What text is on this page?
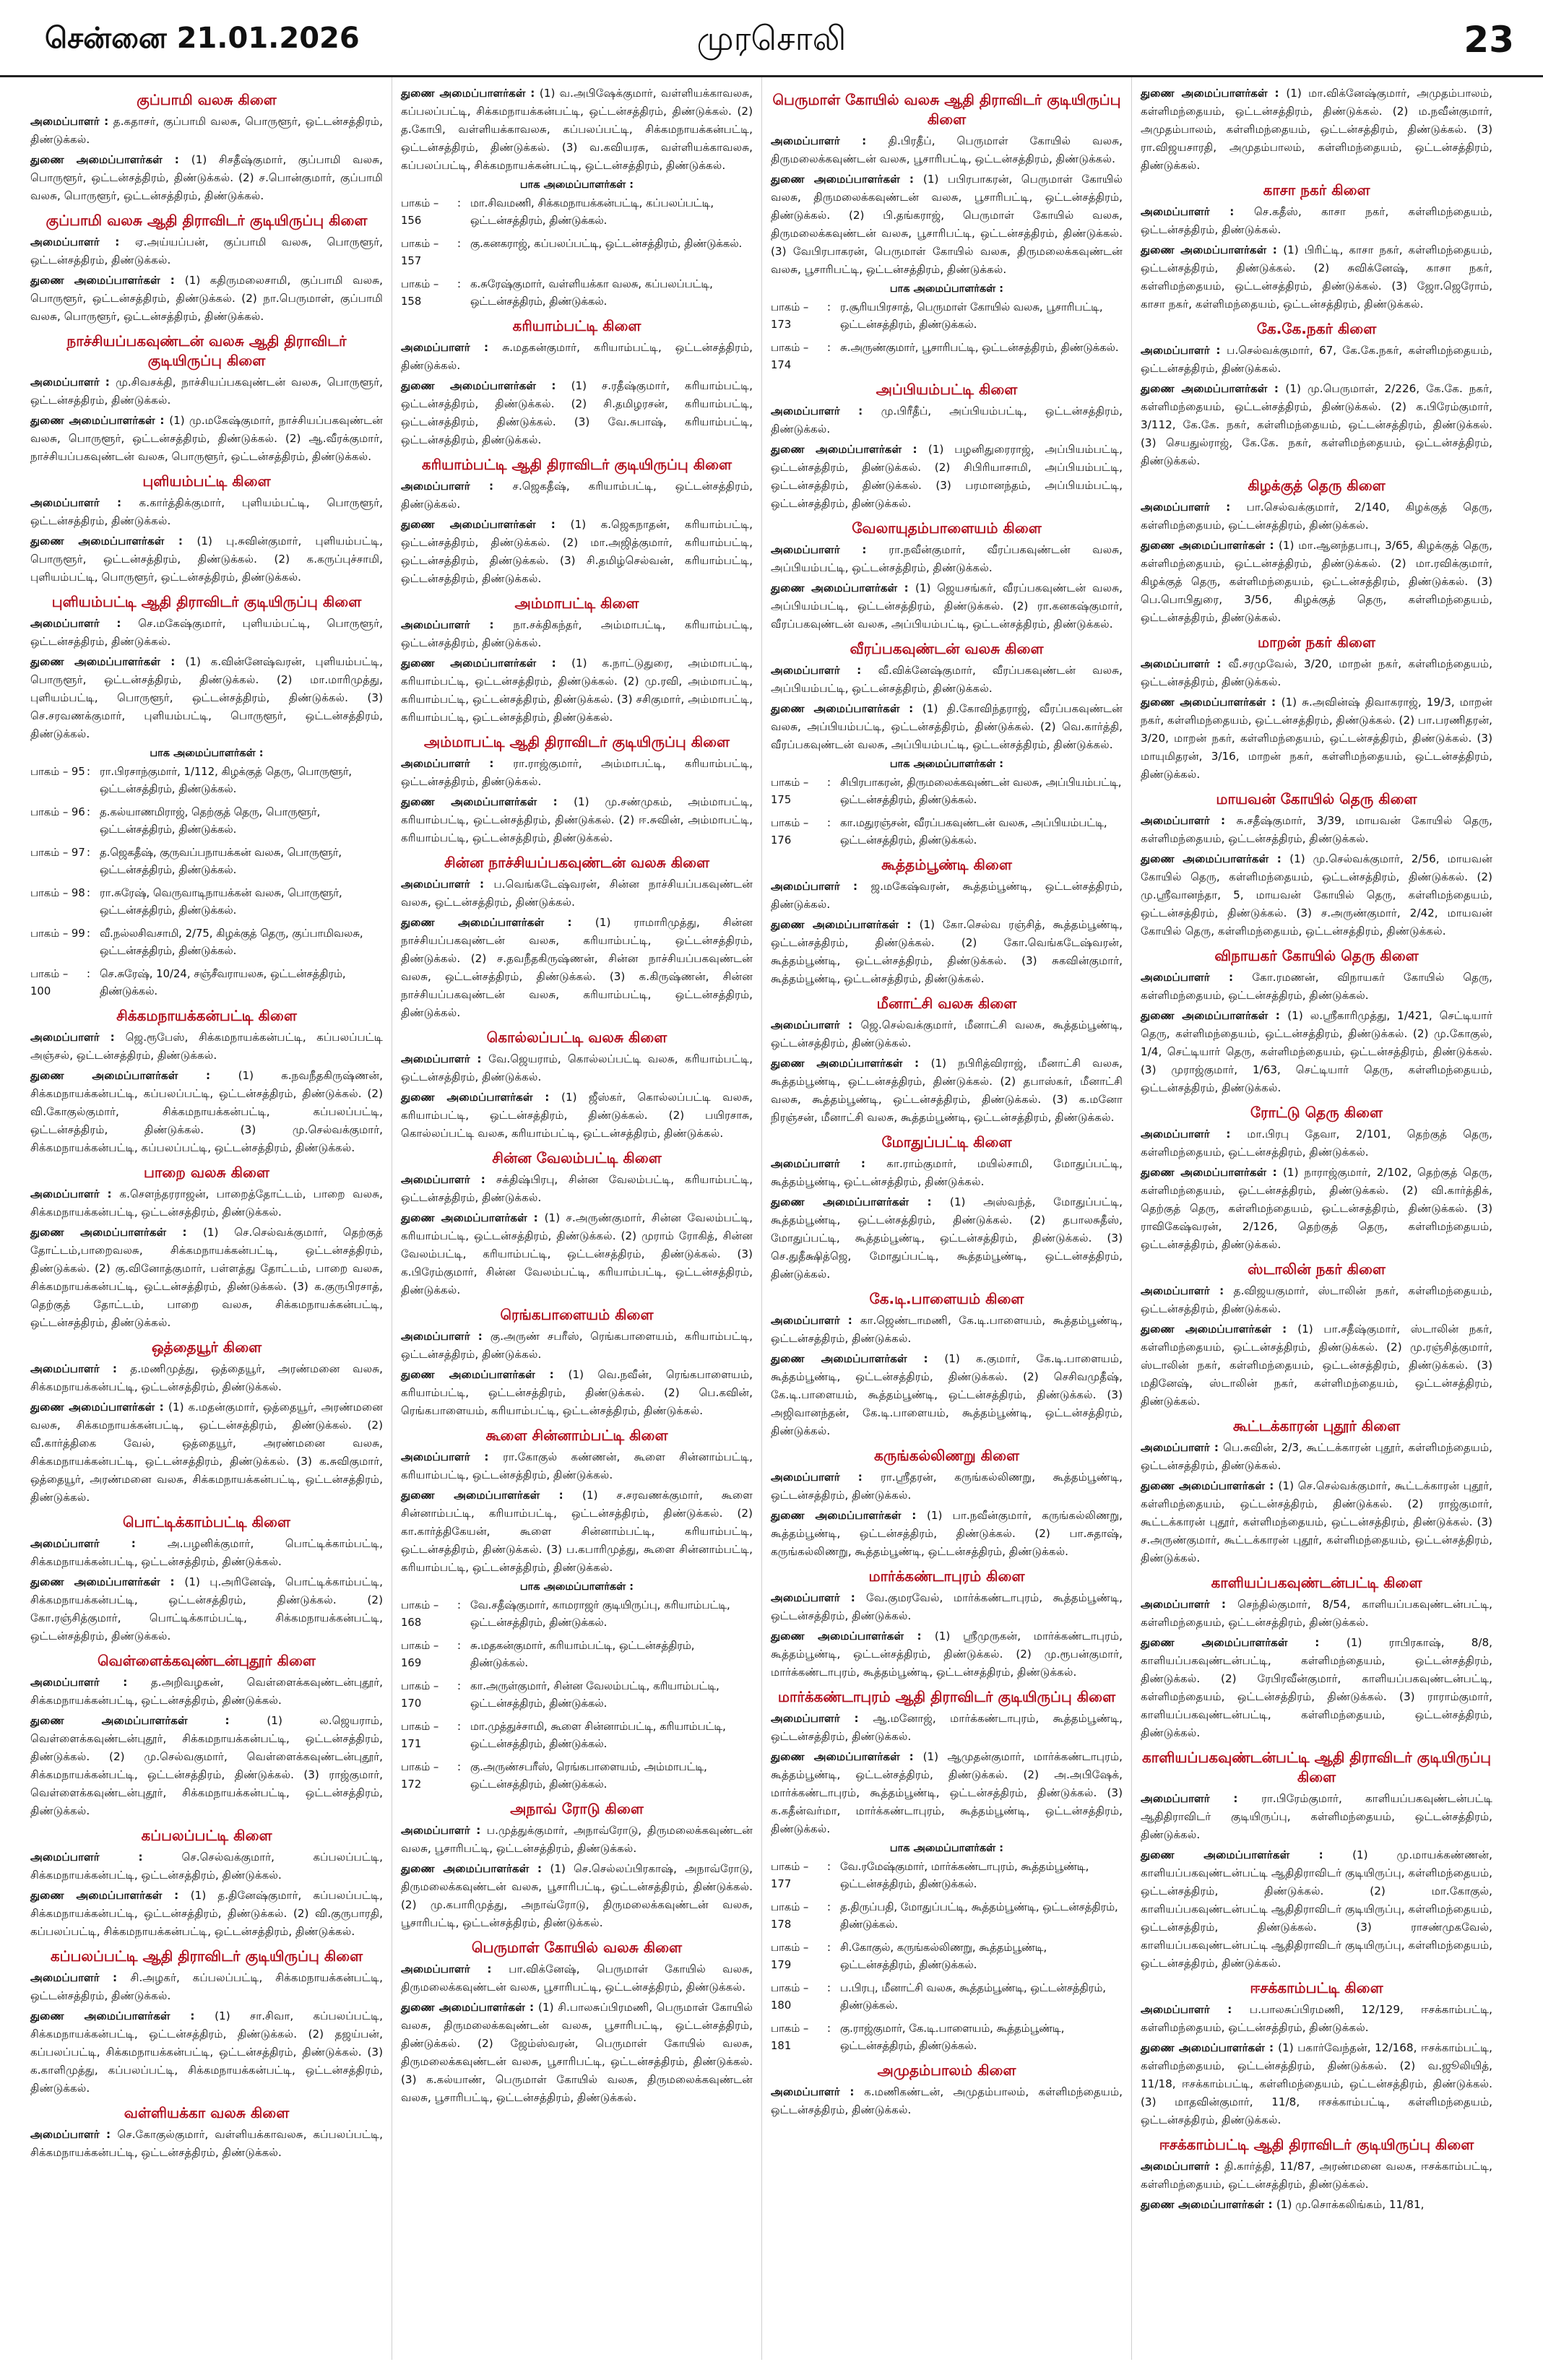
சென்னை 21.01.2026	முரசொலி	23
குப்பாமி வலசு கிளை
அமைப்பாளர் : த.கதாசர், குப்பாமி வலசு, பொருளூர், ஒட்டன்சத்திரம், திண்டுக்கல்.
துணை அமைப்பாளர்கள் : (1) சிசதீஷ்குமார், குப்பாமி வலசு, பொருளூர், ஒட்டன்சத்திரம், திண்டுக்கல். (2) ச.பொன்குமார், குப்பாமி வலசு, பொருளூர், ஒட்டன்சத்திரம், திண்டுக்கல்.
குப்பாமி வலசு ஆதி திராவிடர் குடியிருப்பு கிளை
அமைப்பாளர் : ஏ.அய்யப்பன், குப்பாமி வலசு, பொருளூர், ஒட்டன்சத்திரம், திண்டுக்கல்.
துணை அமைப்பாளர்கள் : (1) கதிருமலைசாமி, குப்பாமி வலசு, பொருளூர், ஒட்டன்சத்திரம், திண்டுக்கல். (2) நா.பெருமாள், குப்பாமி வலசு, பொருளூர், ஒட்டன்சத்திரம், திண்டுக்கல்.
நாச்சியப்பகவுண்டன் வலசு ஆதி திராவிடர் குடியிருப்பு கிளை
அமைப்பாளர் : மு.சிவசக்தி, நாச்சியப்பகவுண்டன் வலசு, பொருளூர், ஒட்டன்சத்திரம், திண்டுக்கல்.
துணை அமைப்பாளர்கள் : (1) மு.மகேஷ்குமார், நாச்சியப்பகவுண்டன் வலசு, பொருளூர், ஒட்டன்சத்திரம், திண்டுக்கல். (2) ஆ.வீரக்குமார், நாச்சியப்பகவுண்டன் வலசு, பொருளூர், ஒட்டன்சத்திரம், திண்டுக்கல்.
புளியம்பட்டி கிளை
அமைப்பாளர் : க.கார்த்திக்குமார், புளியம்பட்டி, பொருளூர், ஒட்டன்சத்திரம், திண்டுக்கல்.
துணை அமைப்பாளர்கள் : (1) பு.சுவின்குமார், புளியம்பட்டி, பொருளூர், ஒட்டன்சத்திரம், திண்டுக்கல். (2) க.கருப்புச்சாமி, புளியம்பட்டி, பொருளூர், ஒட்டன்சத்திரம், திண்டுக்கல்.
புளியம்பட்டி ஆதி திராவிடர் குடியிருப்பு கிளை
அமைப்பாளர் : செ.மகேஷ்குமார், புளியம்பட்டி, பொருளூர், ஒட்டன்சத்திரம், திண்டுக்கல்.
துணை அமைப்பாளர்கள் : (1) க.வின்னேஷ்வரன், புளியம்பட்டி, பொருளூர், ஒட்டன்சத்திரம், திண்டுக்கல். (2) மா.மாரிமுத்து, புளியம்பட்டி, பொருளூர், ஒட்டன்சத்திரம், திண்டுக்கல். (3) செ.சரவணக்குமார், புளியம்பட்டி, பொருளூர், ஒட்டன்சத்திரம், திண்டுக்கல்.
பாக அமைப்பாளர்கள் :
பாகம் – 95 : ரா.பிரசாந்குமார், 1/112, கிழக்குத் தெரு, பொருளூர், ஒட்டன்சத்திரம், திண்டுக்கல்.
பாகம் – 96 : த.கல்யாணமிராஜ், தெற்குத் தெரு, பொருளூர், ஒட்டன்சத்திரம், திண்டுக்கல்.
பாகம் – 97 : த.ஜெகதீஷ், குருவப்பநாயக்கன் வலசு, பொருளூர், ஒட்டன்சத்திரம், திண்டுக்கல்.
பாகம் – 98 : ரா.சுரேஷ், வெருவாடிநாயக்கன் வலசு, பொருளூர், ஒட்டன்சத்திரம், திண்டுக்கல்.
பாகம் – 99 : வீ.நல்லசிவசாமி, 2/75, கிழக்குத் தெரு, குப்பாமிவலசு, ஒட்டன்சத்திரம், திண்டுக்கல்.
பாகம் – 100
: செ.சுரேஷ், 10/24, சஞ்சீவராயலசு, ஒட்டன்சத்திரம், திண்டுக்கல்.
சிக்கமநாயக்கன்பட்டி கிளை
அமைப்பாளர் : ஜெ.ரூபேஸ், சிக்கமநாயக்கன்பட்டி, கப்பலப்பட்டி அஞ்சல், ஒட்டன்சத்திரம், திண்டுக்கல்.
துணை அமைப்பாளர்கள் : (1) க.நவநீதகிருஷ்ணன், சிக்கமநாயக்கன்பட்டி, கப்பலப்பட்டி, ஒட்டன்சத்திரம், திண்டுக்கல். (2) வி.கோகுல்குமார், சிக்கமநாயக்கன்பட்டி, கப்பலப்பட்டி, ஒட்டன்சத்திரம், திண்டுக்கல். (3) மு.செல்வக்குமார், சிக்கமநாயக்கன்பட்டி, கப்பலப்பட்டி, ஒட்டன்சத்திரம், திண்டுக்கல்.
பாறை வலசு கிளை
அமைப்பாளர் : க.செளந்தரராஜன், பாறைத்தோட்டம், பாறை வலசு, சிக்கமநாயக்கன்பட்டி, ஒட்டன்சத்திரம், திண்டுக்கல்.
துணை அமைப்பாளர்கள் : (1) செ.செல்வக்குமார், தெற்குத் தோட்டம்,பாறைவலசு, சிக்கமநாயக்கன்பட்டி, ஒட்டன்சத்திரம், திண்டுக்கல். (2) கு.வினோத்குமார், பள்ளத்து தோட்டம், பாறை வலசு, சிக்கமநாயக்கன்பட்டி, ஒட்டன்சத்திரம், திண்டுக்கல். (3) க.குருபிரசாத், தெற்குத் தோட்டம், பாறை வலசு, சிக்கமநாயக்கன்பட்டி, ஒட்டன்சத்திரம், திண்டுக்கல்.
ஒத்தையூர் கிளை
அமைப்பாளர் : த.மணிமுத்து, ஒத்தையூர், அரண்மனை வலசு, சிக்கமநாயக்கன்பட்டி, ஒட்டன்சத்திரம், திண்டுக்கல்.
துணை அமைப்பாளர்கள் : (1) க.மதன்குமார், ஒத்தையூர், அரண்மனை வலசு, சிக்கமநாயக்கன்பட்டி, ஒட்டன்சத்திரம், திண்டுக்கல். (2) வீ.கார்த்திகை வேல், ஒத்தையூர், அரண்மனை வலசு, சிக்கமநாயக்கன்பட்டி, ஒட்டன்சத்திரம், திண்டுக்கல். (3) க.சுவிகுமார், ஒத்தையூர், அரண்மனை வலசு, சிக்கமநாயக்கன்பட்டி, ஒட்டன்சத்திரம், திண்டுக்கல்.
பொட்டிக்காம்பட்டி கிளை
அமைப்பாளர் : அ.பழனிக்குமார், பொட்டிக்காம்பட்டி, சிக்கமநாயக்கன்பட்டி, ஒட்டன்சத்திரம், திண்டுக்கல்.
துணை அமைப்பாளர்கள் : (1) பு.அரினேஷ், பொட்டிக்காம்பட்டி, சிக்கமநாயக்கன்பட்டி, ஒட்டன்சத்திரம், திண்டுக்கல். (2) கோ.ரஞ்சித்குமார், பொட்டிக்காம்பட்டி, சிக்கமநாயக்கன்பட்டி, ஒட்டன்சத்திரம், திண்டுக்கல்.
வெள்ளைக்கவுண்டன்புதூர் கிளை
அமைப்பாளர் : த.அறிவழகன், வெள்ளைக்கவுண்டன்புதூர், சிக்கமநாயக்கன்பட்டி, ஒட்டன்சத்திரம், திண்டுக்கல்.
துணை அமைப்பாளர்கள் : (1) ல.ஜெயராம், வெள்ளைக்கவுண்டன்புதூர், சிக்கமநாயக்கன்பட்டி, ஒட்டன்சத்திரம், திண்டுக்கல். (2) மு.செல்வகுமார், வெள்ளைக்கவுண்டன்புதூர், சிக்கமநாயக்கன்பட்டி, ஒட்டன்சத்திரம், திண்டுக்கல். (3) ராஜ்குமார், வெள்ளைக்கவுண்டன்புதூர், சிக்கமநாயக்கன்பட்டி, ஒட்டன்சத்திரம், திண்டுக்கல்.
கப்பலப்பட்டி கிளை
அமைப்பாளர் : செ.செல்வக்குமார், கப்பலப்பட்டி, சிக்கமநாயக்கன்பட்டி, ஒட்டன்சத்திரம், திண்டுக்கல்.
துணை அமைப்பாளர்கள் : (1) த.தினேஷ்குமார், கப்பலப்பட்டி, சிக்கமநாயக்கன்பட்டி, ஒட்டன்சத்திரம், திண்டுக்கல். (2) வி.குருபாரதி, கப்பலப்பட்டி, சிக்கமநாயக்கன்பட்டி, ஒட்டன்சத்திரம், திண்டுக்கல்.
கப்பலப்பட்டி ஆதி திராவிடர் குடியிருப்பு கிளை
அமைப்பாளர் : சி.அழகர், கப்பலப்பட்டி, சிக்கமநாயக்கன்பட்டி, ஒட்டன்சத்திரம், திண்டுக்கல்.
துணை அமைப்பாளர்கள் : (1) சா.சிவா, கப்பலப்பட்டி, சிக்கமநாயக்கன்பட்டி, ஒட்டன்சத்திரம், திண்டுக்கல். (2) தஜய்பன், கப்பலப்பட்டி, சிக்கமநாயக்கன்பட்டி, ஒட்டன்சத்திரம், திண்டுக்கல். (3) க.காளிமுத்து, கப்பலப்பட்டி, சிக்கமநாயக்கன்பட்டி, ஒட்டன்சத்திரம், திண்டுக்கல்.
வள்ளியக்கா வலசு கிளை
அமைப்பாளர் : செ.கோகுல்குமார், வள்ளியக்காவலசு, கப்பலப்பட்டி, சிக்கமநாயக்கன்பட்டி, ஒட்டன்சத்திரம், திண்டுக்கல்.
துணை அமைப்பாளர்கள் : (1) வ.அபிஷேக்குமார், வள்ளியக்காவலசு, கப்பலப்பட்டி, சிக்கமநாயக்கன்பட்டி, ஒட்டன்சத்திரம், திண்டுக்கல். (2) த.கோபி, வள்ளியக்காவலசு, கப்பலப்பட்டி, சிக்கமநாயக்கன்பட்டி, ஒட்டன்சத்திரம், திண்டுக்கல். (3) வ.கவியரசு, வள்ளியக்காவலசு, கப்பலப்பட்டி, சிக்கமநாயக்கன்பட்டி, ஒட்டன்சத்திரம், திண்டுக்கல்.
பாக அமைப்பாளர்கள் :
பாகம் – 156
: மா.சிவமணி, சிக்கமநாயக்கன்பட்டி, கப்பலப்பட்டி, ஒட்டன்சத்திரம், திண்டுக்கல்.
பாகம் – 157
: கு.கனகராஜ், கப்பலப்பட்டி, ஒட்டன்சத்திரம், திண்டுக்கல்.
பாகம் – 158
: க.சுரேஷ்குமார், வள்ளியக்கா வலசு, கப்பலப்பட்டி, ஒட்டன்சத்திரம், திண்டுக்கல்.
கரியாம்பட்டி கிளை
அமைப்பாளர் : சு.மதகன்குமார், கரியாம்பட்டி, ஒட்டன்சத்திரம், திண்டுக்கல்.
துணை அமைப்பாளர்கள் : (1) ச.ரதீஷ்குமார், கரியாம்பட்டி, ஒட்டன்சத்திரம், திண்டுக்கல். (2) சி.தமிழரசன், கரியாம்பட்டி, ஒட்டன்சத்திரம், திண்டுக்கல். (3) வே.சுபாஷ், கரியாம்பட்டி, ஒட்டன்சத்திரம், திண்டுக்கல்.
கரியாம்பட்டி ஆதி திராவிடர் குடியிருப்பு கிளை
அமைப்பாளர் : ச.ஜெகதீஷ், கரியாம்பட்டி, ஒட்டன்சத்திரம், திண்டுக்கல்.
துணை அமைப்பாளர்கள் : (1) க.ஜெகநாதன், கரியாம்பட்டி, ஒட்டன்சத்திரம், திண்டுக்கல். (2) மா.அஜித்குமார், கரியாம்பட்டி, ஒட்டன்சத்திரம், திண்டுக்கல். (3) சி.தமிழ்செல்வன், கரியாம்பட்டி, ஒட்டன்சத்திரம், திண்டுக்கல்.
அம்மாபட்டி கிளை
அமைப்பாளர் : நா.சக்திகந்தர், அம்மாபட்டி, கரியாம்பட்டி, ஒட்டன்சத்திரம், திண்டுக்கல்.
துணை அமைப்பாளர்கள் : (1) க.நாட்டுதுரை, அம்மாபட்டி, கரியாம்பட்டி, ஒட்டன்சத்திரம், திண்டுக்கல். (2) மு.ரவி, அம்மாபட்டி, கரியாம்பட்டி, ஒட்டன்சத்திரம், திண்டுக்கல். (3) சசிகுமார், அம்மாபட்டி, கரியாம்பட்டி, ஒட்டன்சத்திரம், திண்டுக்கல்.
அம்மாபட்டி ஆதி திராவிடர் குடியிருப்பு கிளை
அமைப்பாளர் : ரா.ராஜ்குமார், அம்மாபட்டி, கரியாம்பட்டி, ஒட்டன்சத்திரம், திண்டுக்கல்.
துணை அமைப்பாளர்கள் : (1) மு.சண்முகம், அம்மாபட்டி, கரியாம்பட்டி, ஒட்டன்சத்திரம், திண்டுக்கல். (2) ஈ.சுவின், அம்மாபட்டி, கரியாம்பட்டி, ஒட்டன்சத்திரம், திண்டுக்கல்.
சின்ன நாச்சியப்பகவுண்டன் வலசு கிளை
அமைப்பாளர் : ப.வெங்கடேஷ்வரன், சின்ன நாச்சியப்பகவுண்டன் வலசு, ஒட்டன்சத்திரம், திண்டுக்கல்.
துணை அமைப்பாளர்கள் : (1) ராமாரிமுத்து, சின்ன நாச்சியப்பகவுண்டன் வலசு, கரியாம்பட்டி, ஒட்டன்சத்திரம், திண்டுக்கல். (2) ச.தவநீதகிருஷ்ணன், சின்ன நாச்சியப்பகவுண்டன் வலசு, ஒட்டன்சத்திரம், திண்டுக்கல். (3) க.கிருஷ்ணன், சின்ன நாச்சியப்பகவுண்டன் வலசு, கரியாம்பட்டி, ஒட்டன்சத்திரம், திண்டுக்கல்.
கொல்லப்பட்டி வலசு கிளை
அமைப்பாளர் : வே.ஜெயராம், கொல்லப்பட்டி வலசு, கரியாம்பட்டி, ஒட்டன்சத்திரம், திண்டுக்கல்.
துணை அமைப்பாளர்கள் : (1) ஜீஸ்கர், கொல்லப்பட்டி வலசு, கரியாம்பட்டி, ஒட்டன்சத்திரம், திண்டுக்கல். (2) பயிரசாசு, கொல்லப்பட்டி வலசு, கரியாம்பட்டி, ஒட்டன்சத்திரம், திண்டுக்கல்.
சின்ன வேலம்பட்டி கிளை
அமைப்பாளர் : சக்திஷ்பிரபு, சின்ன வேலம்பட்டி, கரியாம்பட்டி, ஒட்டன்சத்திரம், திண்டுக்கல்.
துணை அமைப்பாளர்கள் : (1) ச.அருண்குமார், சின்ன வேலம்பட்டி, கரியாம்பட்டி, ஒட்டன்சத்திரம், திண்டுக்கல். (2) முராம் ரோகித், சின்ன வேலம்பட்டி, கரியாம்பட்டி, ஒட்டன்சத்திரம், திண்டுக்கல். (3) க.பிரேம்குமார், சின்ன வேலம்பட்டி, கரியாம்பட்டி, ஒட்டன்சத்திரம், திண்டுக்கல்.
ரெங்கபாளையம் கிளை
அமைப்பாளர் : கு.அருண் சபரீஸ், ரெங்கபாளையம், கரியாம்பட்டி, ஒட்டன்சத்திரம், திண்டுக்கல்.
துணை அமைப்பாளர்கள் : (1) வெ.நவீன், ரெங்கபாளையம், கரியாம்பட்டி, ஒட்டன்சத்திரம், திண்டுக்கல். (2) பெ.கவின், ரெங்கபாளையம், கரியாம்பட்டி, ஒட்டன்சத்திரம், திண்டுக்கல்.
கூளை சின்னாம்பட்டி கிளை
அமைப்பாளர் : ரா.கோகுல் கண்ணன், கூளை சின்னாம்பட்டி, கரியாம்பட்டி, ஒட்டன்சத்திரம், திண்டுக்கல்.
துணை அமைப்பாளர்கள் : (1) ச.சரவணக்குமார், கூளை சின்னாம்பட்டி, கரியாம்பட்டி, ஒட்டன்சத்திரம், திண்டுக்கல். (2) கா.கார்த்திகேயன், கூளை சின்னாம்பட்டி, கரியாம்பட்டி, ஒட்டன்சத்திரம், திண்டுக்கல். (3) ப.கபாரிமுத்து, கூளை சின்னாம்பட்டி, கரியாம்பட்டி, ஒட்டன்சத்திரம், திண்டுக்கல்.
பாக அமைப்பாளர்கள் :
பாகம் – 168
: வே.சதீஷ்குமார், காமராஜர் குடியிருப்பு, கரியாம்பட்டி, ஒட்டன்சத்திரம், திண்டுக்கல்.
பாகம் – 169
: சு.மதகன்குமார், கரியாம்பட்டி, ஒட்டன்சத்திரம், திண்டுக்கல்.
பாகம் – 170
: கா.அருள்குமார், சின்ன வேலம்பட்டி, கரியாம்பட்டி, ஒட்டன்சத்திரம், திண்டுக்கல்.
பாகம் – 171
: மா.முத்துச்சாமி, கூளை சின்னாம்பட்டி, கரியாம்பட்டி, ஒட்டன்சத்திரம், திண்டுக்கல்.
பாகம் – 172
: கு.அருண்சபரீஸ், ரெங்கபாளையம், அம்மாபட்டி, ஒட்டன்சத்திரம், திண்டுக்கல்.
அநாவ் ரோடு கிளை
அமைப்பாளர் : ப.முத்துக்குமார், அநாவ்ரோடு, திருமலைக்கவுண்டன் வலசு, பூசாரிபட்டி, ஒட்டன்சத்திரம், திண்டுக்கல்.
துணை அமைப்பாளர்கள் : (1) செ.செல்லப்பிரகாஷ், அநாவ்ரோடு, திருமலைக்கவுண்டன் வலசு, பூசாரிபட்டி, ஒட்டன்சத்திரம், திண்டுக்கல். (2) மு.கபாரிமுத்து, அநாவ்ரோடு, திருமலைக்கவுண்டன் வலசு, பூசாரிபட்டி, ஒட்டன்சத்திரம், திண்டுக்கல்.
பெருமாள் கோயில் வலசு கிளை
அமைப்பாளர் : பா.விக்னேஷ், பெருமாள் கோயில் வலசு, திருமலைக்கவுண்டன் வலசு, பூசாரிபட்டி, ஒட்டன்சத்திரம், திண்டுக்கல்.
துணை அமைப்பாளர்கள் : (1) சி.பாலசுப்பிரமணி, பெருமாள் கோயில் வலசு, திருமலைக்கவுண்டன் வலசு, பூசாரிபட்டி, ஒட்டன்சத்திரம், திண்டுக்கல். (2) ஜேம்ஸ்வரன், பெருமாள் கோயில் வலசு, திருமலைக்கவுண்டன் வலசு, பூசாரிபட்டி, ஒட்டன்சத்திரம், திண்டுக்கல். (3) க.கல்யாண், பெருமாள் கோயில் வலசு, திருமலைக்கவுண்டன் வலசு, பூசாரிபட்டி, ஒட்டன்சத்திரம், திண்டுக்கல்.
பெருமாள் கோயில் வலசு ஆதி திராவிடர் குடியிருப்பு கிளை
அமைப்பாளர் : தி.பிரதீப், பெருமாள் கோயில் வலசு, திருமலைக்கவுண்டன் வலசு, பூசாரிபட்டி, ஒட்டன்சத்திரம், திண்டுக்கல்.
துணை அமைப்பாளர்கள் : (1) பபிரபாகரன், பெருமாள் கோயில் வலசு, திருமலைக்கவுண்டன் வலசு, பூசாரிபட்டி, ஒட்டன்சத்திரம், திண்டுக்கல். (2) பி.தங்கராஜ், பெருமாள் கோயில் வலசு, திருமலைக்கவுண்டன் வலசு, பூசாரிபட்டி, ஒட்டன்சத்திரம், திண்டுக்கல். (3) வேபிரபாகரன், பெருமாள் கோயில் வலசு, திருமலைக்கவுண்டன் வலசு, பூசாரிபட்டி, ஒட்டன்சத்திரம், திண்டுக்கல்.
பாக அமைப்பாளர்கள் :
பாகம் – 173
: ர.சூரியபிரசாத், பெருமாள் கோயில் வலசு, பூசாரிபட்டி, ஒட்டன்சத்திரம், திண்டுக்கல்.
பாகம் – 174
: சு.அருண்குமார், பூசாரிபட்டி, ஒட்டன்சத்திரம், திண்டுக்கல்.
அப்பியம்பட்டி கிளை
அமைப்பாளர் : மு.பிரீதீப், அப்பியம்பட்டி, ஒட்டன்சத்திரம், திண்டுக்கல்.
துணை அமைப்பாளர்கள் : (1) பழனிதுரைராஜ், அப்பியம்பட்டி, ஒட்டன்சத்திரம், திண்டுக்கல். (2) சிபிரியாசாமி, அப்பியம்பட்டி, ஒட்டன்சத்திரம், திண்டுக்கல். (3) பரமானந்தம், அப்பியம்பட்டி, ஒட்டன்சத்திரம், திண்டுக்கல்.
வேலாயுதம்பாளையம் கிளை
அமைப்பாளர் : ரா.நவீன்குமார், வீரப்பகவுண்டன் வலசு, அப்பியம்பட்டி, ஒட்டன்சத்திரம், திண்டுக்கல்.
துணை அமைப்பாளர்கள் : (1) ஜெயசங்கர், வீரப்பகவுண்டன் வலசு, அப்பியம்பட்டி, ஒட்டன்சத்திரம், திண்டுக்கல். (2) ரா.கனகஷ்குமார், வீரப்பகவுண்டன் வலசு, அப்பியம்பட்டி, ஒட்டன்சத்திரம், திண்டுக்கல்.
வீரப்பகவுண்டன் வலசு கிளை
அமைப்பாளர் : வீ.விக்னேஷ்குமார், வீரப்பகவுண்டன் வலசு, அப்பியம்பட்டி, ஒட்டன்சத்திரம், திண்டுக்கல்.
துணை அமைப்பாளர்கள் : (1) தி.கோவிந்தராஜ், வீரப்பகவுண்டன் வலசு, அப்பியம்பட்டி, ஒட்டன்சத்திரம், திண்டுக்கல். (2) வெ.கார்த்தி, வீரப்பகவுண்டன் வலசு, அப்பியம்பட்டி, ஒட்டன்சத்திரம், திண்டுக்கல்.
பாக அமைப்பாளர்கள் :
பாகம் – 175
: சிபிரபாகரன், திருமலைக்கவுண்டன் வலசு, அப்பியம்பட்டி, ஒட்டன்சத்திரம், திண்டுக்கல்.
பாகம் – 176
: கா.மதுரஞ்சன், வீரப்பகவுண்டன் வலசு, அப்பியம்பட்டி, ஒட்டன்சத்திரம், திண்டுக்கல்.
கூத்தம்பூண்டி கிளை
அமைப்பாளர் : ஜ.மகேஷ்வரன், கூத்தம்பூண்டி, ஒட்டன்சத்திரம், திண்டுக்கல்.
துணை அமைப்பாளர்கள் : (1) கோ.செல்வ ரஞ்சித், கூத்தம்பூண்டி, ஒட்டன்சத்திரம், திண்டுக்கல். (2) கோ.வெங்கடேஷ்வரன், கூத்தம்பூண்டி, ஒட்டன்சத்திரம், திண்டுக்கல். (3) சுகவின்குமார், கூத்தம்பூண்டி, ஒட்டன்சத்திரம், திண்டுக்கல்.
மீனாட்சி வலசு கிளை
அமைப்பாளர் : ஜெ.செல்வக்குமார், மீனாட்சி வலசு, கூத்தம்பூண்டி, ஒட்டன்சத்திரம், திண்டுக்கல்.
துணை அமைப்பாளர்கள் : (1) நபிரித்விராஜ், மீனாட்சி வலசு, கூத்தம்பூண்டி, ஒட்டன்சத்திரம், திண்டுக்கல். (2) தபாஸ்கர், மீனாட்சி வலசு, கூத்தம்பூண்டி, ஒட்டன்சத்திரம், திண்டுக்கல். (3) க.மனோ நிரஞ்சன், மீனாட்சி வலசு, கூத்தம்பூண்டி, ஒட்டன்சத்திரம், திண்டுக்கல்.
மோதுப்பட்டி கிளை
அமைப்பாளர் : கா.ராம்குமார், மயில்சாமி, மோதுப்பட்டி, கூத்தம்பூண்டி, ஒட்டன்சத்திரம், திண்டுக்கல்.
துணை அமைப்பாளர்கள் : (1) அஸ்வந்த், மோதுப்பட்டி, கூத்தம்பூண்டி, ஒட்டன்சத்திரம், திண்டுக்கல். (2) தபாலசுதீஸ், மோதுப்பட்டி, கூத்தம்பூண்டி, ஒட்டன்சத்திரம், திண்டுக்கல். (3) செ.துதீக்ஷித்ஜெ, மோதுப்பட்டி, கூத்தம்பூண்டி, ஒட்டன்சத்திரம், திண்டுக்கல்.
கே.டி.பாளையம் கிளை
அமைப்பாளர் : கா.ஜெண்டாமணி, கே.டி.பாளையம், கூத்தம்பூண்டி, ஒட்டன்சத்திரம், திண்டுக்கல்.
துணை அமைப்பாளர்கள் : (1) க.குமார், கே.டி.பாளையம், கூத்தம்பூண்டி, ஒட்டன்சத்திரம், திண்டுக்கல். (2) செசிவமுதீஷ், கே.டி.பாளையம், கூத்தம்பூண்டி, ஒட்டன்சத்திரம், திண்டுக்கல். (3) அஜிவானந்தன், கே.டி.பாளையம், கூத்தம்பூண்டி, ஒட்டன்சத்திரம், திண்டுக்கல்.
கருங்கல்லிணறு கிளை
அமைப்பாளர் : ரா.ஸ்ரீதரன், கருங்கல்லிணறு, கூத்தம்பூண்டி, ஒட்டன்சத்திரம், திண்டுக்கல்.
துணை அமைப்பாளர்கள் : (1) பா.நவீன்குமார், கருங்கல்லிணறு, கூத்தம்பூண்டி, ஒட்டன்சத்திரம், திண்டுக்கல். (2) பா.சுதாஷ், கருங்கல்லிணறு, கூத்தம்பூண்டி, ஒட்டன்சத்திரம், திண்டுக்கல்.
மார்க்கண்டாபுரம் கிளை
அமைப்பாளர் : வே.குமரவேல், மார்க்கண்டாபுரம், கூத்தம்பூண்டி, ஒட்டன்சத்திரம், திண்டுக்கல்.
துணை அமைப்பாளர்கள் : (1) ஸ்ரீமுருகன், மார்க்கண்டாபுரம், கூத்தம்பூண்டி, ஒட்டன்சத்திரம், திண்டுக்கல். (2) மு.ரூபன்குமார், மார்க்கண்டாபுரம், கூத்தம்பூண்டி, ஒட்டன்சத்திரம், திண்டுக்கல்.
மார்க்கண்டாபுரம் ஆதி திராவிடர் குடியிருப்பு கிளை
அமைப்பாளர் : ஆ.மனோஜ், மார்க்கண்டாபுரம், கூத்தம்பூண்டி, ஒட்டன்சத்திரம், திண்டுக்கல்.
துணை அமைப்பாளர்கள் : (1) ஆமுதன்குமார், மார்க்கண்டாபுரம், கூத்தம்பூண்டி, ஒட்டன்சத்திரம், திண்டுக்கல். (2) அ.அபிஷேக், மார்க்கண்டாபுரம், கூத்தம்பூண்டி, ஒட்டன்சத்திரம், திண்டுக்கல். (3) க.கதீன்வர்மா, மார்க்கண்டாபுரம், கூத்தம்பூண்டி, ஒட்டன்சத்திரம், திண்டுக்கல்.
பாக அமைப்பாளர்கள் :
பாகம் – 177
: வே.ரமேஷ்குமார், மார்க்கண்டாபுரம், கூத்தம்பூண்டி, ஒட்டன்சத்திரம், திண்டுக்கல்.
பாகம் – 178
: த.திருப்பதி, மோதுப்பட்டி, கூத்தம்பூண்டி, ஒட்டன்சத்திரம், திண்டுக்கல்.
பாகம் – 179
: சி.கோகுல், கருங்கல்லிணறு, கூத்தம்பூண்டி, ஒட்டன்சத்திரம், திண்டுக்கல்.
பாகம் – 180
: ப.பிரபு, மீனாட்சி வலசு, கூத்தம்பூண்டி, ஒட்டன்சத்திரம், திண்டுக்கல்.
பாகம் – 181
: கு.ராஜ்குமார், கே.டி.பாளையம், கூத்தம்பூண்டி, ஒட்டன்சத்திரம், திண்டுக்கல்.
அமுதம்பாலம் கிளை
அமைப்பாளர் : க.மணிகண்டன், அமுதம்பாலம், கள்ளிமந்தையம், ஒட்டன்சத்திரம், திண்டுக்கல்.
துணை அமைப்பாளர்கள் : (1) மா.விக்னேஷ்குமார், அமுதம்பாலம், கள்ளிமந்தையம், ஒட்டன்சத்திரம், திண்டுக்கல். (2) ம.நவீன்குமார், அமுதம்பாலம், கள்ளிமந்தையம், ஒட்டன்சத்திரம், திண்டுக்கல். (3) ரா.விஜயசாரதி, அமுதம்பாலம், கள்ளிமந்தையம், ஒட்டன்சத்திரம், திண்டுக்கல்.
காசா நகர் கிளை
அமைப்பாளர் : செ.கதீஸ், காசா நகர், கள்ளிமந்தையம், ஒட்டன்சத்திரம், திண்டுக்கல்.
துணை அமைப்பாளர்கள் : (1) பிரிட்டி, காசா நகர், கள்ளிமந்தையம், ஒட்டன்சத்திரம், திண்டுக்கல். (2) சுவிக்னேஷ், காசா நகர், கள்ளிமந்தையம், ஒட்டன்சத்திரம், திண்டுக்கல். (3) ஜோ.ஜெரோம், காசா நகர், கள்ளிமந்தையம், ஒட்டன்சத்திரம், திண்டுக்கல்.
கே.கே.நகர் கிளை
அமைப்பாளர் : ப.செல்வக்குமார், 67, கே.கே.நகர், கள்ளிமந்தையம், ஒட்டன்சத்திரம், திண்டுக்கல்.
துணை அமைப்பாளர்கள் : (1) மு.பெருமாள், 2/226, கே.கே. நகர், கள்ளிமந்தையம், ஒட்டன்சத்திரம், திண்டுக்கல். (2) க.பிரேம்குமார், 3/112, கே.கே. நகர், கள்ளிமந்தையம், ஒட்டன்சத்திரம், திண்டுக்கல். (3) செயதுல்ராஜ், கே.கே. நகர், கள்ளிமந்தையம், ஒட்டன்சத்திரம், திண்டுக்கல்.
கிழக்குத் தெரு கிளை
அமைப்பாளர் : பா.செல்வக்குமார், 2/140, கிழக்குத் தெரு, கள்ளிமந்தையம், ஒட்டன்சத்திரம், திண்டுக்கல்.
துணை அமைப்பாளர்கள் : (1) மா.ஆனந்தபாபு, 3/65, கிழக்குத் தெரு, கள்ளிமந்தையம், ஒட்டன்சத்திரம், திண்டுக்கல். (2) மா.ரவிக்குமார், கிழக்குத் தெரு, கள்ளிமந்தையம், ஒட்டன்சத்திரம், திண்டுக்கல். (3) பெ.பொபிதுரை, 3/56, கிழக்குத் தெரு, கள்ளிமந்தையம், ஒட்டன்சத்திரம், திண்டுக்கல்.
மாறன் நகர் கிளை
அமைப்பாளர் : வீ.சரமுவேல், 3/20, மாறன் நகர், கள்ளிமந்தையம், ஒட்டன்சத்திரம், திண்டுக்கல்.
துணை அமைப்பாளர்கள் : (1) சு.அவின்ஷ் திவாகராஜ், 19/3, மாறன் நகர், கள்ளிமந்தையம், ஒட்டன்சத்திரம், திண்டுக்கல். (2) பா.பரணிதரன், 3/20, மாறன் நகர், கள்ளிமந்தையம், ஒட்டன்சத்திரம், திண்டுக்கல். (3) மாயுமிதரன், 3/16, மாறன் நகர், கள்ளிமந்தையம், ஒட்டன்சத்திரம், திண்டுக்கல்.
மாயவன் கோயில் தெரு கிளை
அமைப்பாளர் : சு.சதீஷ்குமார், 3/39, மாயவன் கோயில் தெரு, கள்ளிமந்தையம், ஒட்டன்சத்திரம், திண்டுக்கல்.
துணை அமைப்பாளர்கள் : (1) மு.செல்வக்குமார், 2/56, மாயவன் கோயில் தெரு, கள்ளிமந்தையம், ஒட்டன்சத்திரம், திண்டுக்கல். (2) மு.ஸ்ரீவானந்தா, 5, மாயவன் கோயில் தெரு, கள்ளிமந்தையம், ஒட்டன்சத்திரம், திண்டுக்கல். (3) ச.அருண்குமார், 2/42, மாயவன் கோயில் தெரு, கள்ளிமந்தையம், ஒட்டன்சத்திரம், திண்டுக்கல்.
விநாயகர் கோயில் தெரு கிளை
அமைப்பாளர் : கோ.ரமணன், விநாயகர் கோயில் தெரு, கள்ளிமந்தையம், ஒட்டன்சத்திரம், திண்டுக்கல்.
துணை அமைப்பாளர்கள் : (1) ல.ஸ்ரீகாரிமுத்து, 1/421, செட்டியார் தெரு, கள்ளிமந்தையம், ஒட்டன்சத்திரம், திண்டுக்கல். (2) மு.கோகுல், 1/4, செட்டியார் தெரு, கள்ளிமந்தையம், ஒட்டன்சத்திரம், திண்டுக்கல். (3) முராஜ்குமார், 1/63, செட்டியார் தெரு, கள்ளிமந்தையம், ஒட்டன்சத்திரம், திண்டுக்கல்.
ரோட்டு தெரு கிளை
அமைப்பாளர் : மா.பிரபு தேவா, 2/101, தெற்குத் தெரு, கள்ளிமந்தையம், ஒட்டன்சத்திரம், திண்டுக்கல்.
துணை அமைப்பாளர்கள் : (1) நாராஜ்குமார், 2/102, தெற்குத் தெரு, கள்ளிமந்தையம், ஒட்டன்சத்திரம், திண்டுக்கல். (2) வி.கார்த்திக், தெற்குத் தெரு, கள்ளிமந்தையம், ஒட்டன்சத்திரம், திண்டுக்கல். (3) ராவிகேஷ்வரன், 2/126, தெற்குத் தெரு, கள்ளிமந்தையம், ஒட்டன்சத்திரம், திண்டுக்கல்.
ஸ்டாலின் நகர் கிளை
அமைப்பாளர் : த.விஜயகுமார், ஸ்டாலின் நகர், கள்ளிமந்தையம், ஒட்டன்சத்திரம், திண்டுக்கல்.
துணை அமைப்பாளர்கள் : (1) பா.சதீஷ்குமார், ஸ்டாலின் நகர், கள்ளிமந்தையம், ஒட்டன்சத்திரம், திண்டுக்கல். (2) மு.ரஞ்சித்குமார், ஸ்டாலின் நகர், கள்ளிமந்தையம், ஒட்டன்சத்திரம், திண்டுக்கல். (3) மதினேஷ், ஸ்டாலின் நகர், கள்ளிமந்தையம், ஒட்டன்சத்திரம், திண்டுக்கல்.
கூட்டக்காரன் புதூர் கிளை
அமைப்பாளர் : பெ.சுவின், 2/3, கூட்டக்காரன் புதூர், கள்ளிமந்தையம், ஒட்டன்சத்திரம், திண்டுக்கல்.
துணை அமைப்பாளர்கள் : (1) செ.செல்வக்குமார், கூட்டக்காரன் புதூர், கள்ளிமந்தையம், ஒட்டன்சத்திரம், திண்டுக்கல். (2) ராஜ்குமார், கூட்டக்காரன் புதூர், கள்ளிமந்தையம், ஒட்டன்சத்திரம், திண்டுக்கல். (3) ச.அருண்குமார், கூட்டக்காரன் புதூர், கள்ளிமந்தையம், ஒட்டன்சத்திரம், திண்டுக்கல்.
காளியப்பகவுண்டன்பட்டி கிளை
அமைப்பாளர் : செந்தில்குமார், 8/54, காளியப்பகவுண்டன்பட்டி, கள்ளிமந்தையம், ஒட்டன்சத்திரம், திண்டுக்கல்.
துணை அமைப்பாளர்கள் : (1) ராபிரகாஷ், 8/8, காளியப்பகவுண்டன்பட்டி, கள்ளிமந்தையம், ஒட்டன்சத்திரம், திண்டுக்கல். (2) ரேபிரவீன்குமார், காளியப்பகவுண்டன்பட்டி, கள்ளிமந்தையம், ஒட்டன்சத்திரம், திண்டுக்கல். (3) ராராம்குமார், காளியப்பகவுண்டன்பட்டி, கள்ளிமந்தையம், ஒட்டன்சத்திரம், திண்டுக்கல்.
காளியப்பகவுண்டன்பட்டி ஆதி திராவிடர் குடியிருப்பு கிளை
அமைப்பாளர் : ரா.பிரேம்குமார், காளியப்பகவுண்டன்பட்டி ஆதிதிராவிடர் குடியிருப்பு, கள்ளிமந்தையம், ஒட்டன்சத்திரம், திண்டுக்கல்.
துணை அமைப்பாளர்கள் : (1) மு.மாயக்கண்ணன், காளியப்பகவுண்டன்பட்டி ஆதிதிராவிடர் குடியிருப்பு, கள்ளிமந்தையம், ஒட்டன்சத்திரம், திண்டுக்கல். (2) மா.கோகுல், காளியப்பகவுண்டன்பட்டி ஆதிதிராவிடர் குடியிருப்பு, கள்ளிமந்தையம், ஒட்டன்சத்திரம், திண்டுக்கல். (3) ராசண்முகவேல், காளியப்பகவுண்டன்பட்டி ஆதிதிராவிடர் குடியிருப்பு, கள்ளிமந்தையம், ஒட்டன்சத்திரம், திண்டுக்கல்.
ஈசக்காம்பட்டி கிளை
அமைப்பாளர் : ப.பாலசுப்பிரமணி, 12/129, ஈசக்காம்பட்டி, கள்ளிமந்தையம், ஒட்டன்சத்திரம், திண்டுக்கல்.
துணை அமைப்பாளர்கள் : (1) பகார்வேந்தன், 12/168, ஈசக்காம்பட்டி, கள்ளிமந்தையம், ஒட்டன்சத்திரம், திண்டுக்கல். (2) வ.ஜூலியித், 11/18, ஈசக்காம்பட்டி, கள்ளிமந்தையம், ஒட்டன்சத்திரம், திண்டுக்கல். (3) மாதவின்குமார், 11/8, ஈசக்காம்பட்டி, கள்ளிமந்தையம், ஒட்டன்சத்திரம், திண்டுக்கல்.
ஈசக்காம்பட்டி ஆதி திராவிடர் குடியிருப்பு கிளை
அமைப்பாளர் : தி.கார்த்தி, 11/87, அரண்மனை வலசு, ஈசக்காம்பட்டி, கள்ளிமந்தையம், ஒட்டன்சத்திரம், திண்டுக்கல்.
துணை அமைப்பாளர்கள் : (1) மு.சொக்கலிங்கம், 11/81,
